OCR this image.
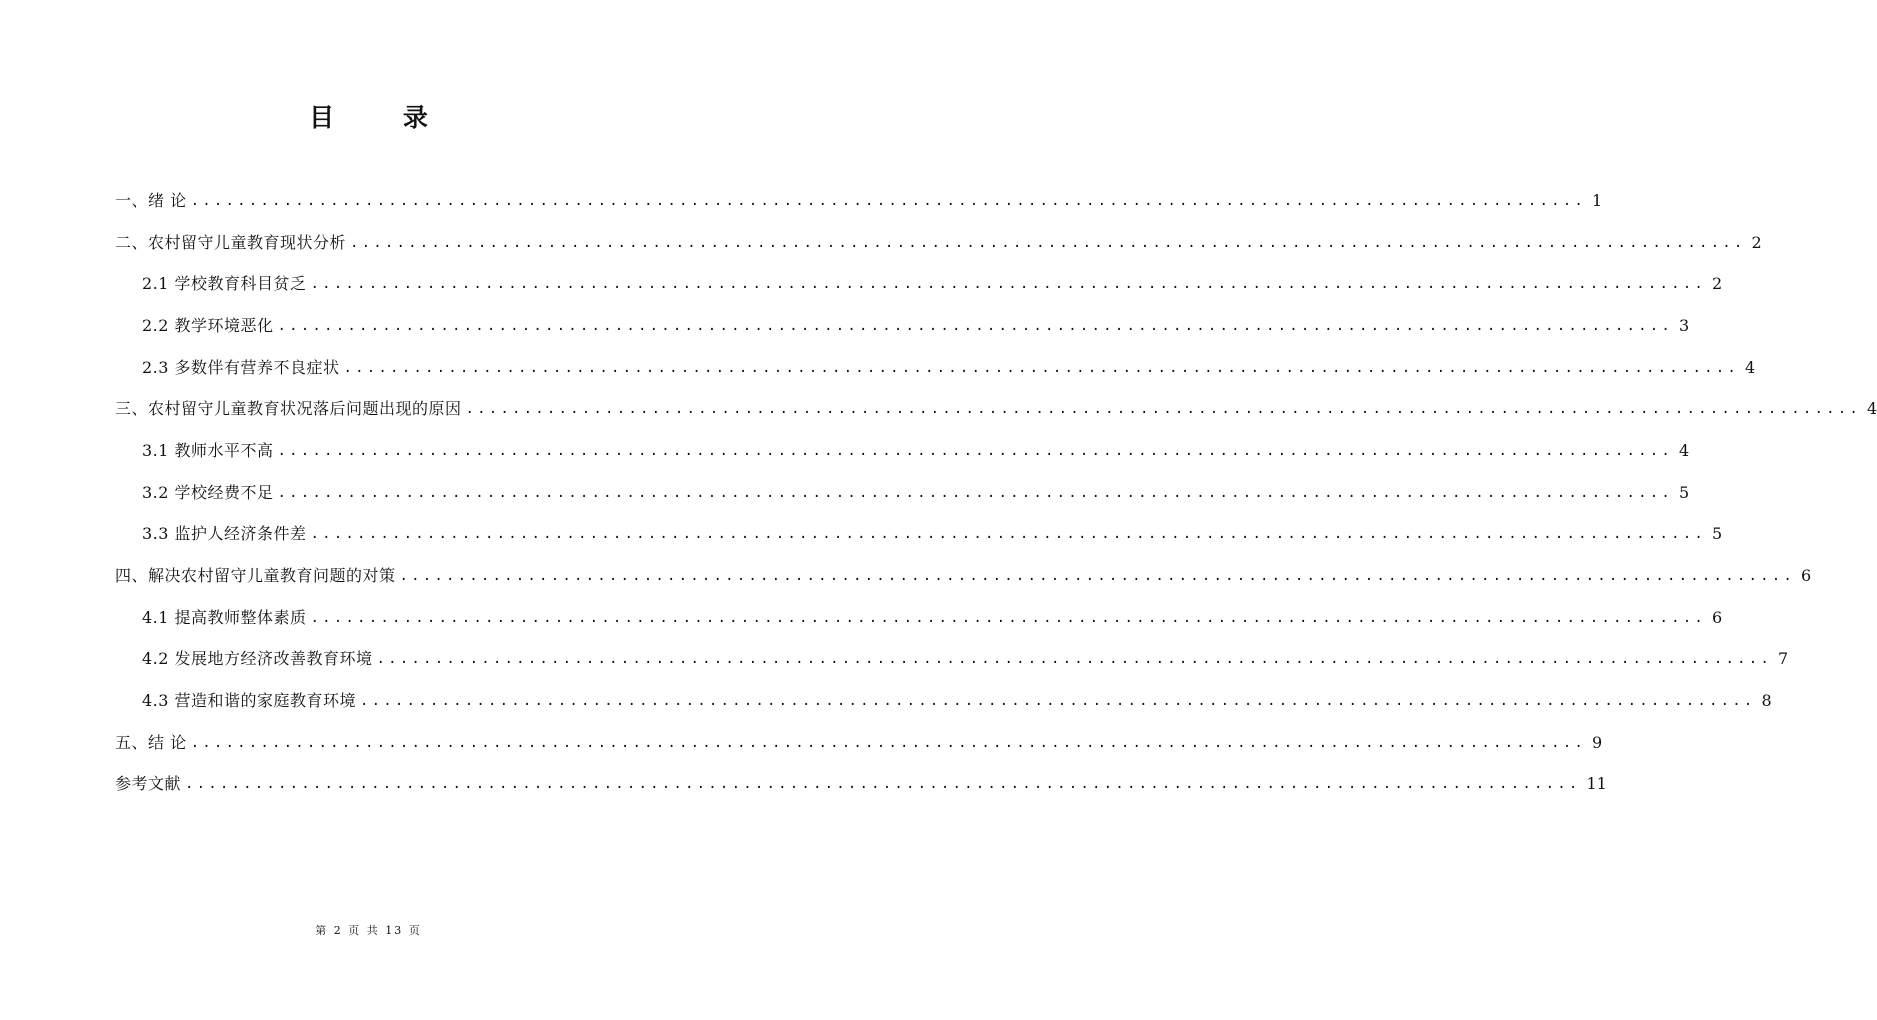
目 录
一、绪 论 ........................................................................................................................ 1
二、农村留守儿童教育现状分析 ........................................................................................................................ 2
2.1 学校教育科目贫乏 ........................................................................................................................ 2
2.2 教学环境恶化 ........................................................................................................................ 3
2.3 多数伴有营养不良症状 ........................................................................................................................ 4
三、农村留守儿童教育状况落后问题出现的原因 ........................................................................................................................ 4
3.1 教师水平不高 ........................................................................................................................ 4
3.2 学校经费不足 ........................................................................................................................ 5
3.3 监护人经济条件差 ........................................................................................................................ 5
四、解决农村留守儿童教育问题的对策 ........................................................................................................................ 6
4.1 提高教师整体素质 ........................................................................................................................ 6
4.2 发展地方经济改善教育环境 ........................................................................................................................ 7
4.3 营造和谐的家庭教育环境 ........................................................................................................................ 8
五、结 论 ........................................................................................................................ 9
参考文献 ........................................................................................................................ 11
第 2 页 共 13 页
